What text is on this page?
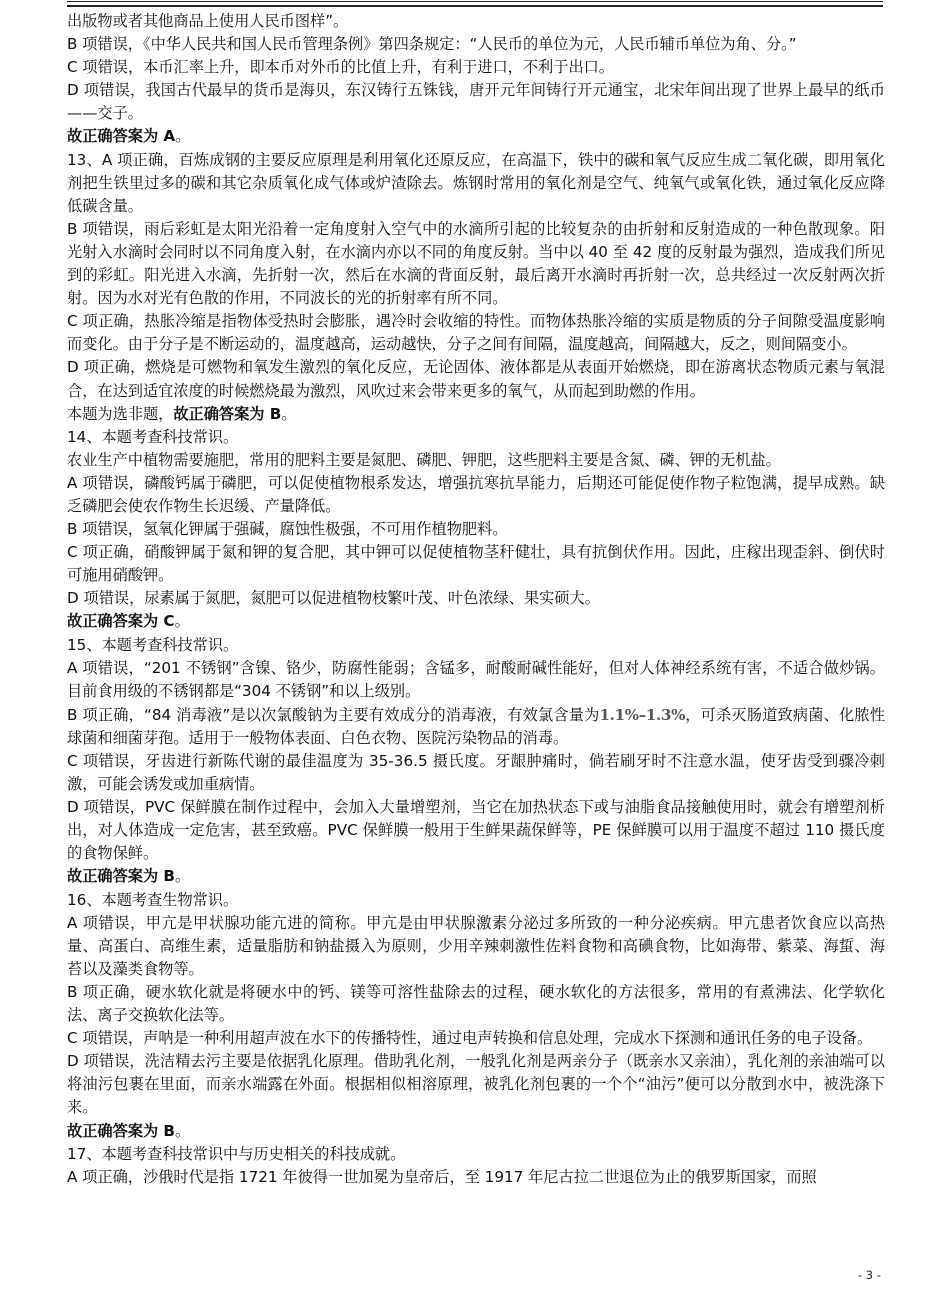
出版物或者其他商品上使用人民币图样”。

B 项错误，《中华人民共和国人民币管理条例》第四条规定：“人民币的单位为元，人民币辅币单位为角、分。”

C 项错误，本币汇率上升，即本币对外币的比值上升，有利于进口，不利于出口。

D 项错误，我国古代最早的货币是海贝，东汉铸行五铢钱，唐开元年间铸行开元通宝，北宋年间出现了世界上最早的纸币——交子。

故正确答案为 A。

13、A 项正确，百炼成钢的主要反应原理是利用氧化还原反应，在高温下，铁中的碳和氧气反应生成二氧化碳，即用氧化剂把生铁里过多的碳和其它杂质氧化成气体或炉渣除去。炼钢时常用的氧化剂是空气、纯氧气或氧化铁，通过氧化反应降低碳含量。

B 项错误，雨后彩虹是太阳光沿着一定角度射入空气中的水滴所引起的比较复杂的由折射和反射造成的一种色散现象。阳光射入水滴时会同时以不同角度入射，在水滴内亦以不同的角度反射。当中以 40 至 42 度的反射最为强烈，造成我们所见到的彩虹。阳光进入水滴，先折射一次，然后在水滴的背面反射，最后离开水滴时再折射一次，总共经过一次反射两次折射。因为水对光有色散的作用，不同波长的光的折射率有所不同。

C 项正确，热胀冷缩是指物体受热时会膨胀，遇冷时会收缩的特性。而物体热胀冷缩的实质是物质的分子间隙受温度影响而变化。由于分子是不断运动的，温度越高，运动越快，分子之间有间隔，温度越高，间隔越大，反之，则间隔变小。

D 项正确，燃烧是可燃物和氧发生激烈的氧化反应，无论固体、液体都是从表面开始燃烧，即在游离状态物质元素与氧混合，在达到适宜浓度的时候燃烧最为激烈，风吹过来会带来更多的氧气，从而起到助燃的作用。

本题为选非题，故正确答案为 B。

14、本题考查科技常识。

农业生产中植物需要施肥，常用的肥料主要是氮肥、磷肥、钾肥，这些肥料主要是含氮、磷、钾的无机盐。

A 项错误，磷酸钙属于磷肥，可以促使植物根系发达，增强抗寒抗旱能力，后期还可能促使作物子粒饱满，提早成熟。缺乏磷肥会使农作物生长迟缓、产量降低。

B 项错误，氢氧化钾属于强碱，腐蚀性极强，不可用作植物肥料。

C 项正确，硝酸钾属于氮和钾的复合肥，其中钾可以促使植物茎秆健壮，具有抗倒伏作用。因此，庄稼出现歪斜、倒伏时可施用硝酸钾。

D 项错误，尿素属于氮肥，氮肥可以促进植物枝繁叶茂、叶色浓绿、果实硕大。

故正确答案为 C。

15、本题考查科技常识。

A 项错误，“201 不锈钢”含镍、铬少，防腐性能弱；含锰多，耐酸耐碱性能好，但对人体神经系统有害，不适合做炒锅。目前食用级的不锈钢都是“304 不锈钢”和以上级别。

B 项正确，“84 消毒液”是以次氯酸钠为主要有效成分的消毒液，有效氯含量为1.1%–1.3%，可杀灭肠道致病菌、化脓性球菌和细菌芽孢。适用于一般物体表面、白色衣物、医院污染物品的消毒。

C 项错误，牙齿进行新陈代谢的最佳温度为 35-36.5 摄氏度。牙龈肿痛时，倘若刷牙时不注意水温，使牙齿受到骤冷刺激，可能会诱发或加重病情。

D 项错误，PVC 保鲜膜在制作过程中，会加入大量增塑剂，当它在加热状态下或与油脂食品接触使用时，就会有增塑剂析出，对人体造成一定危害，甚至致癌。PVC 保鲜膜一般用于生鲜果蔬保鲜等，PE 保鲜膜可以用于温度不超过 110 摄氏度的食物保鲜。

故正确答案为 B。

16、本题考查生物常识。

A 项错误，甲亢是甲状腺功能亢进的简称。甲亢是由甲状腺激素分泌过多所致的一种分泌疾病。甲亢患者饮食应以高热量、高蛋白、高维生素，适量脂肪和钠盐摄入为原则，少用辛辣刺激性佐料食物和高碘食物，比如海带、紫菜、海蜇、海苔以及藻类食物等。

B 项正确，硬水软化就是将硬水中的钙、镁等可溶性盐除去的过程，硬水软化的方法很多，常用的有煮沸法、化学软化法、离子交换软化法等。

C 项错误，声呐是一种利用超声波在水下的传播特性，通过电声转换和信息处理，完成水下探测和通讯任务的电子设备。

D 项错误，洗洁精去污主要是依据乳化原理。借助乳化剂，一般乳化剂是两亲分子（既亲水又亲油），乳化剂的亲油端可以将油污包裹在里面，而亲水端露在外面。根据相似相溶原理，被乳化剂包裹的一个个“油污”便可以分散到水中，被洗涤下来。

故正确答案为 B。

17、本题考查科技常识中与历史相关的科技成就。

A 项正确，沙俄时代是指 1721 年彼得一世加冕为皇帝后，至 1917 年尼古拉二世退位为止的俄罗斯国家，而照

- 3 -
